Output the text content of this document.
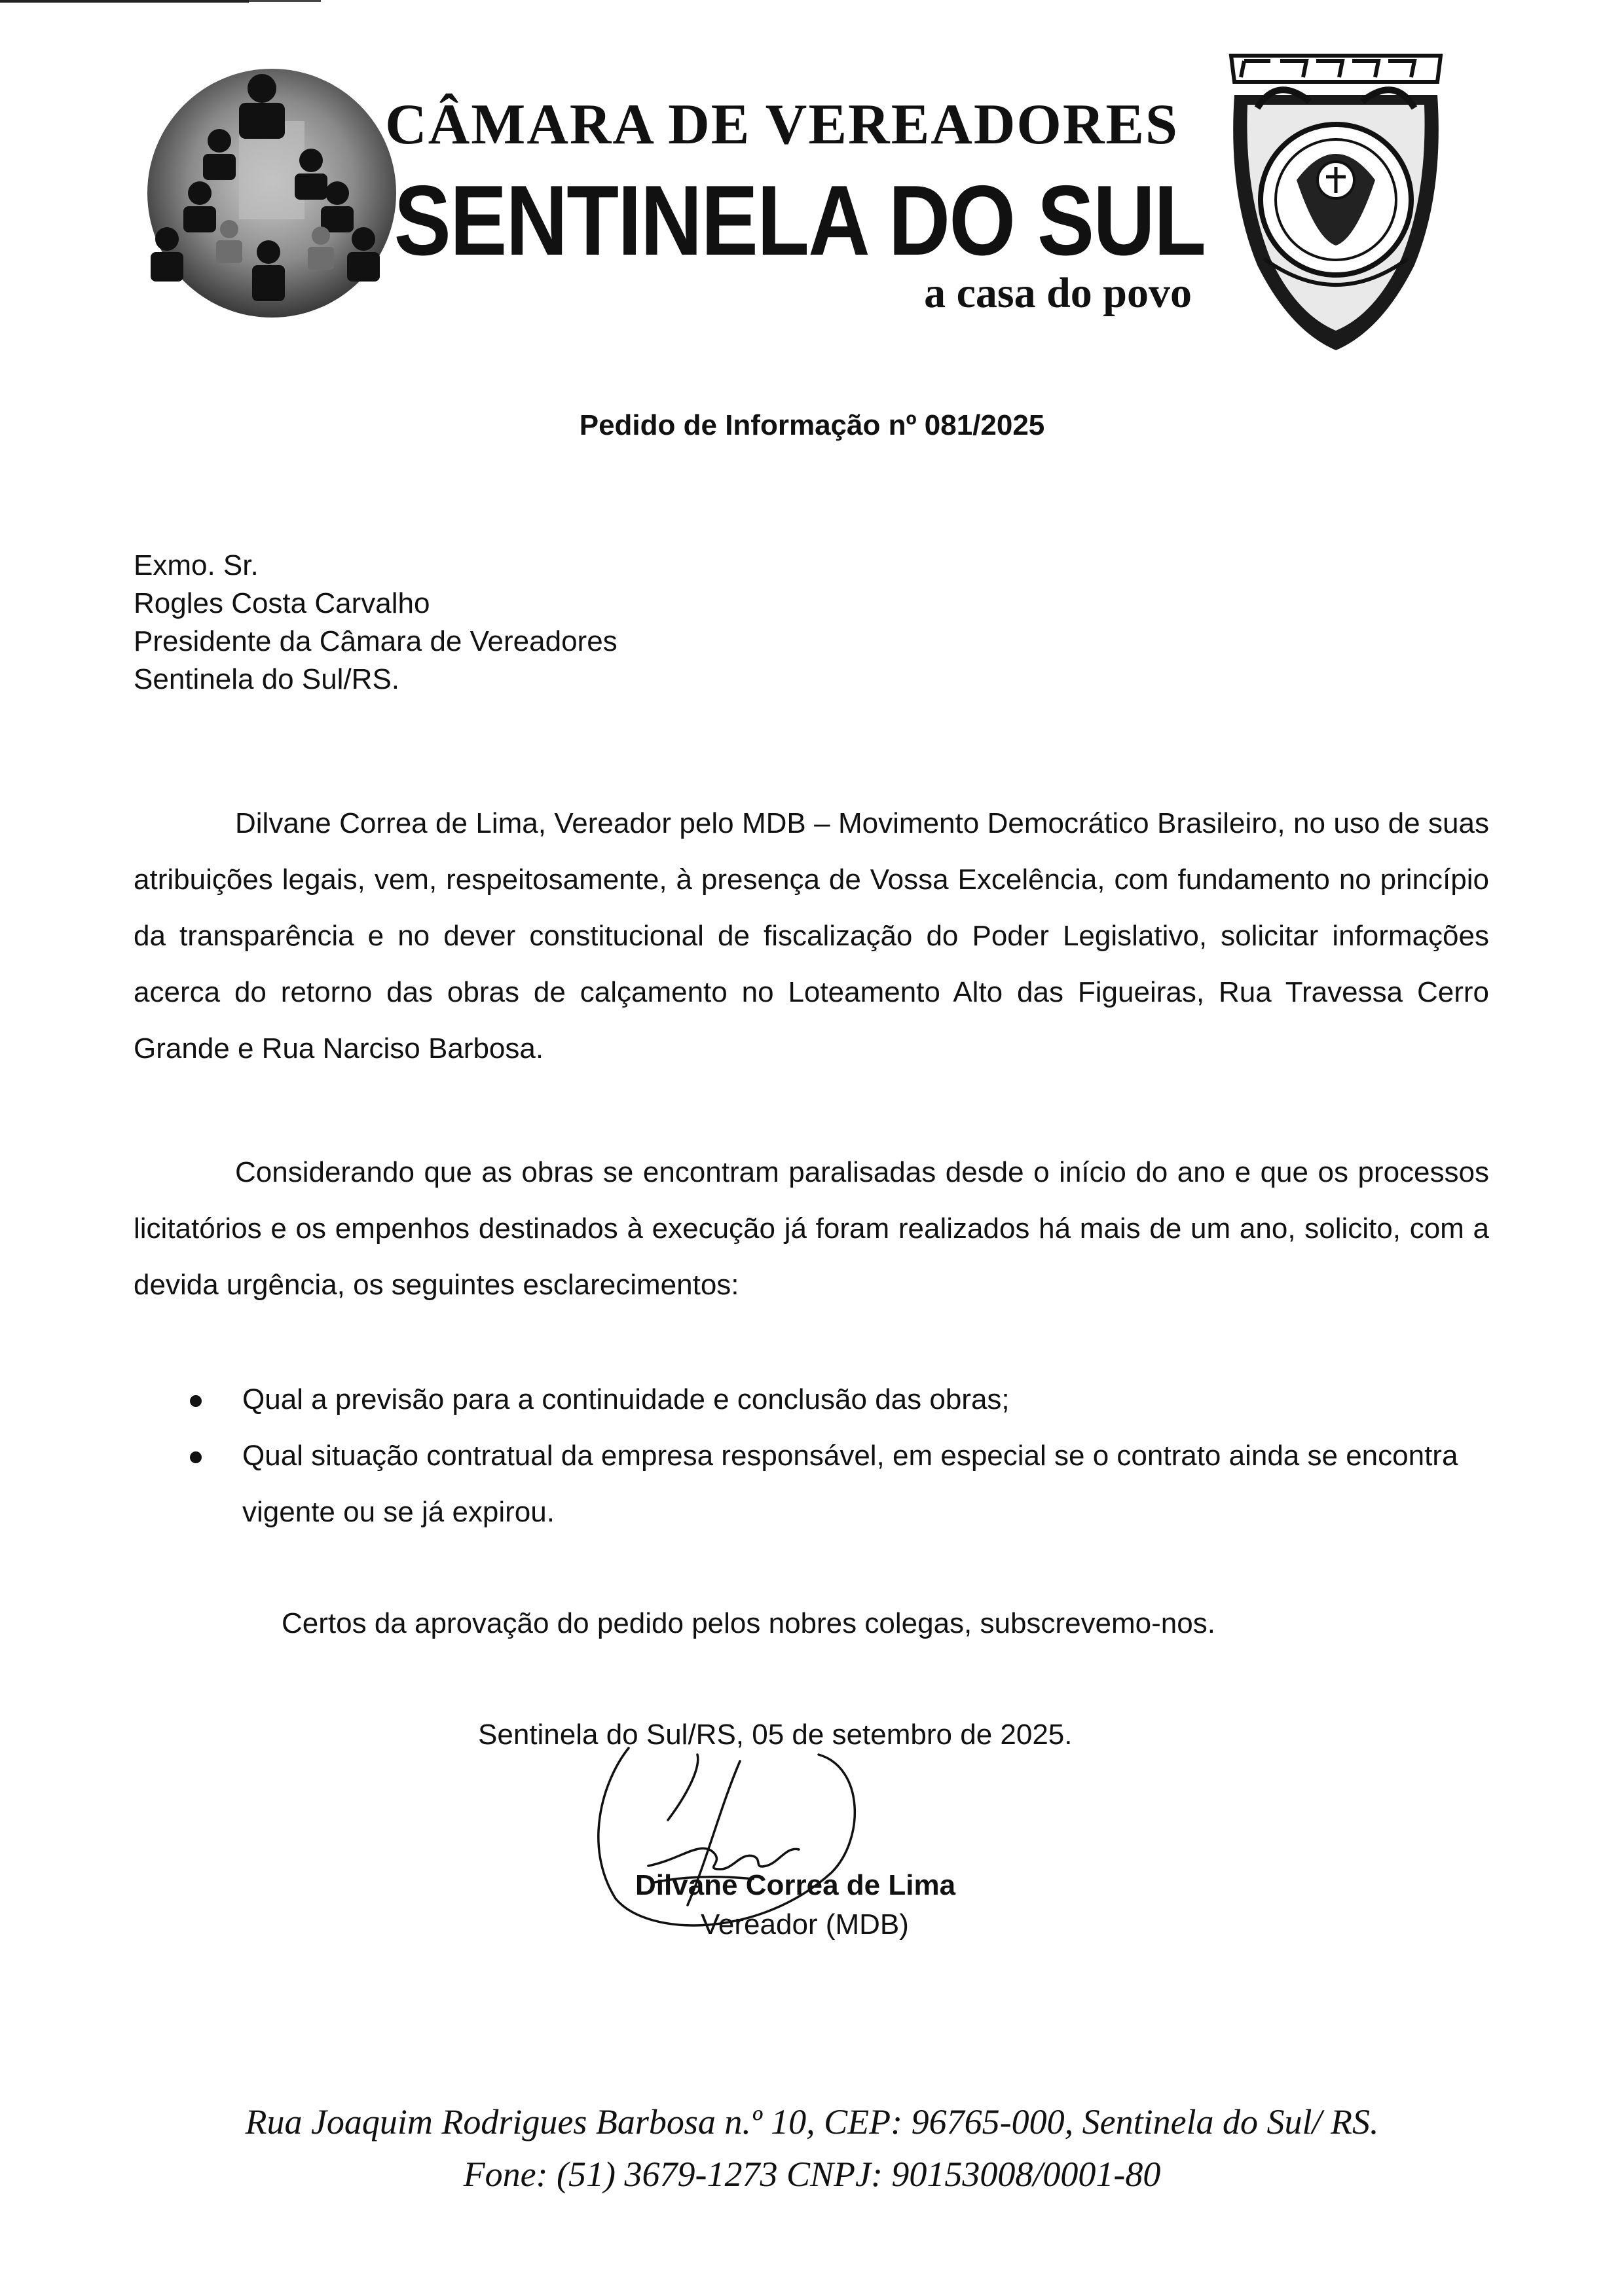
CÂMARA DE VEREADORES
SENTINELA DO SUL
a casa do povo
Pedido de Informação nº 081/2025
Exmo. Sr.
Rogles Costa Carvalho
Presidente da Câmara de Vereadores
Sentinela do Sul/RS.
Dilvane Correa de Lima, Vereador pelo MDB – Movimento Democrático Brasileiro, no uso de suas atribuições legais, vem, respeitosamente, à presença de Vossa Excelência, com fundamento no princípio da transparência e no dever constitucional de fiscalização do Poder Legislativo, solicitar informações acerca do retorno das obras de calçamento no Loteamento Alto das Figueiras, Rua Travessa Cerro Grande e Rua Narciso Barbosa.
Considerando que as obras se encontram paralisadas desde o início do ano e que os processos licitatórios e os empenhos destinados à execução já foram realizados há mais de um ano, solicito, com a devida urgência, os seguintes esclarecimentos:
Qual a previsão para a continuidade e conclusão das obras;
Qual situação contratual da empresa responsável, em especial se o contrato ainda se encontra vigente ou se já expirou.
Certos da aprovação do pedido pelos nobres colegas, subscrevemo-nos.
Sentinela do Sul/RS, 05 de setembro de 2025.
Dilvane Correa de Lima
Vereador (MDB)
Rua Joaquim Rodrigues Barbosa n.º 10, CEP: 96765-000, Sentinela do Sul/ RS.
Fone: (51) 3679-1273 CNPJ: 90153008/0001-80
